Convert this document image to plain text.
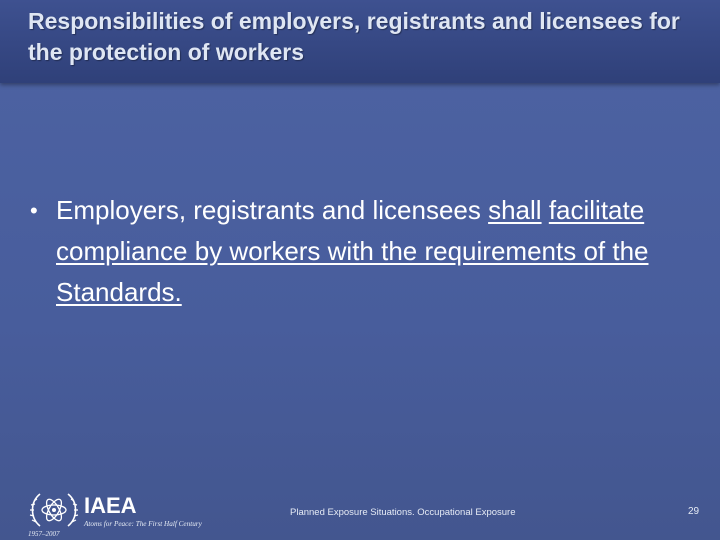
Responsibilities of employers, registrants and licensees for the protection of workers
• Employers, registrants and licensees shall facilitate compliance by workers with the requirements of the Standards.
IAEA
Atoms for Peace: The First Half Century
1957–2007
Planned Exposure Situations. Occupational Exposure	29
